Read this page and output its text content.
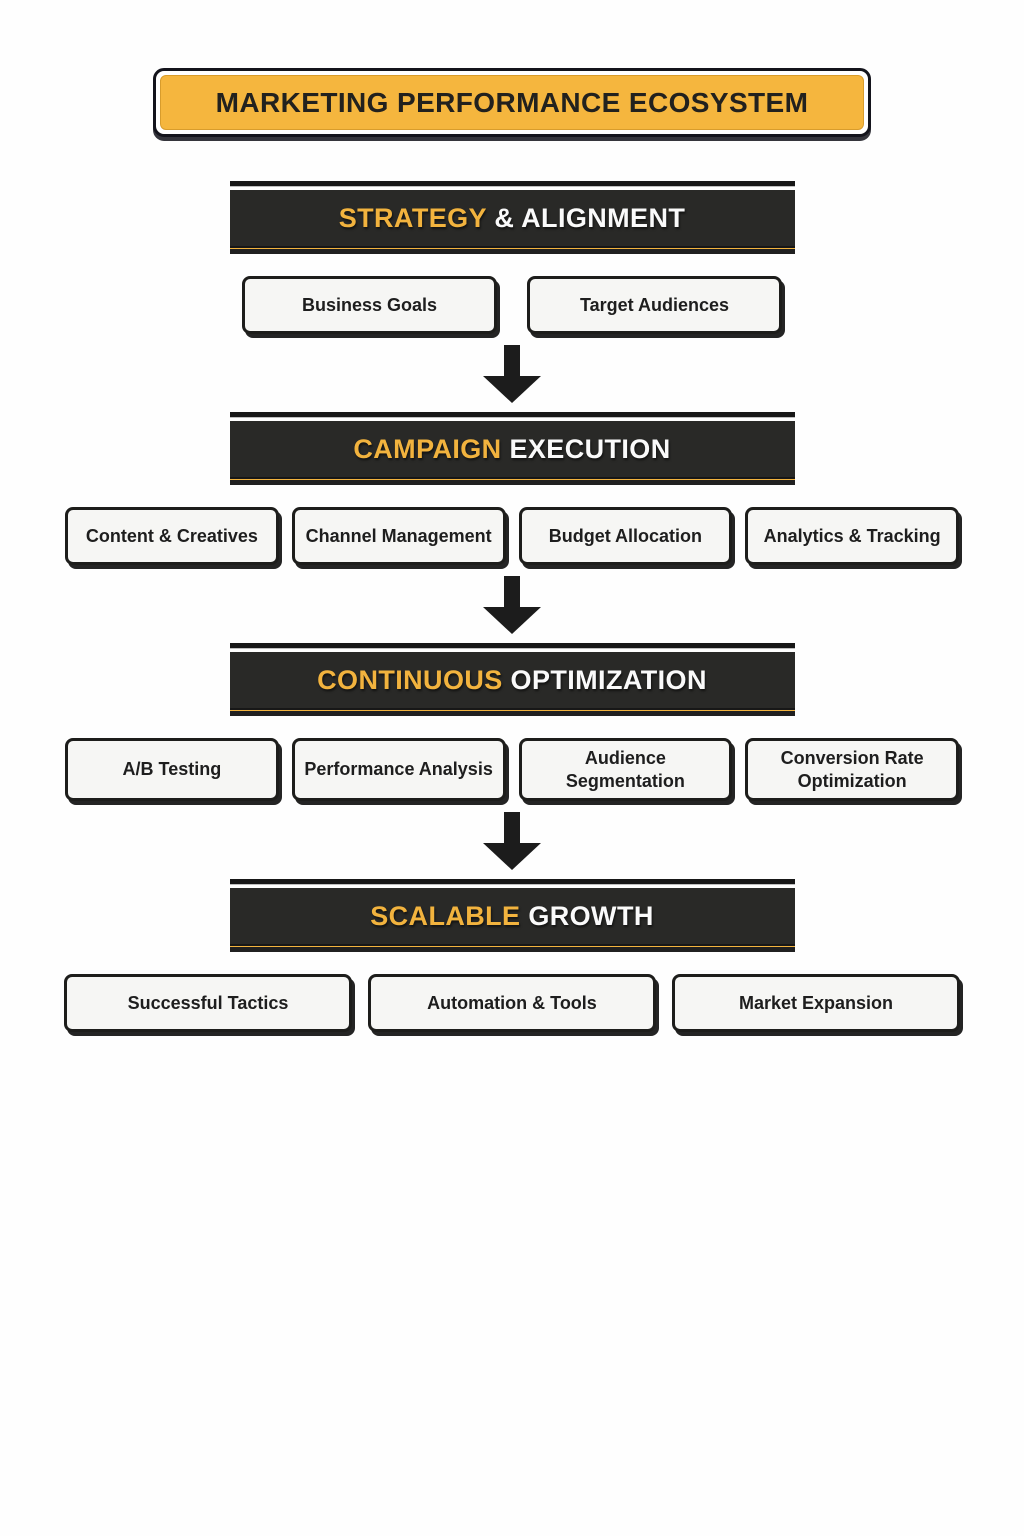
MARKETING PERFORMANCE ECOSYSTEM
STRATEGY & ALIGNMENT
Business Goals	Target Audiences
CAMPAIGN EXECUTION
Content & Creatives	Channel Management	Budget Allocation	Analytics & Tracking
CONTINUOUS OPTIMIZATION
A/B Testing	Performance Analysis
Audience Segmentation
Conversion Rate Optimization
SCALABLE GROWTH
Successful Tactics	Automation & Tools	Market Expansion
